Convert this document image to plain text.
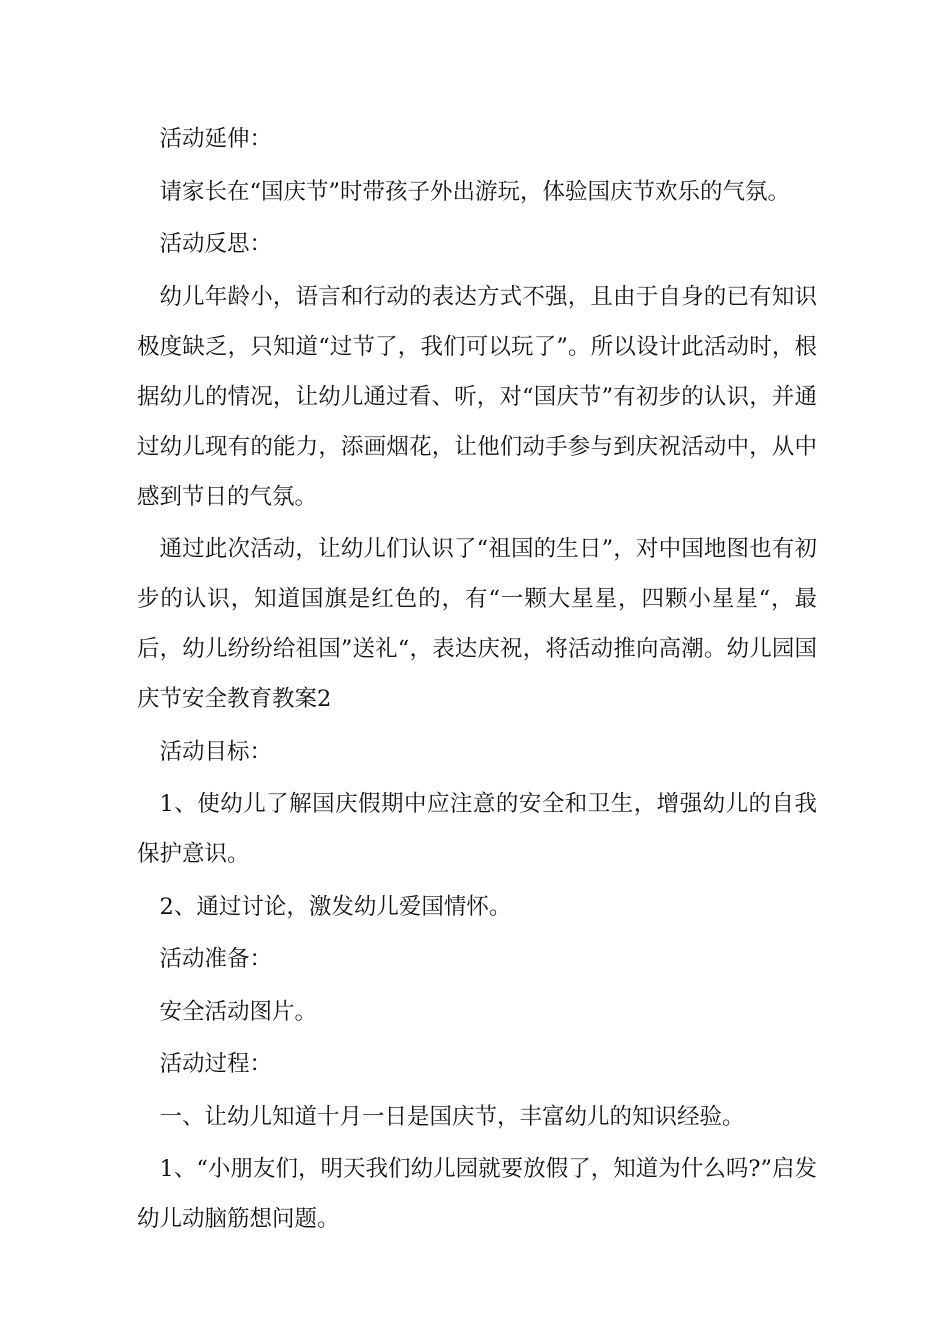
活动延伸：

请家长在“国庆节”时带孩子外出游玩，体验国庆节欢乐的气氛。

活动反思：

幼儿年龄小，语言和行动的表达方式不强，且由于自身的已有知识极度缺乏，只知道“过节了，我们可以玩了”。所以设计此活动时，根据幼儿的情况，让幼儿通过看、听，对“国庆节”有初步的认识，并通过幼儿现有的能力，添画烟花，让他们动手参与到庆祝活动中，从中感到节日的气氛。

通过此次活动，让幼儿们认识了“祖国的生日”，对中国地图也有初步的认识，知道国旗是红色的，有“一颗大星星，四颗小星星“，最后，幼儿纷纷给祖国”送礼“，表达庆祝，将活动推向高潮。幼儿园国庆节安全教育教案2

活动目标：

1、使幼儿了解国庆假期中应注意的安全和卫生，增强幼儿的自我保护意识。

2、通过讨论，激发幼儿爱国情怀。

活动准备：

安全活动图片。

活动过程：

一、让幼儿知道十月一日是国庆节，丰富幼儿的知识经验。

1、“小朋友们，明天我们幼儿园就要放假了，知道为什么吗?”启发幼儿动脑筋想问题。
